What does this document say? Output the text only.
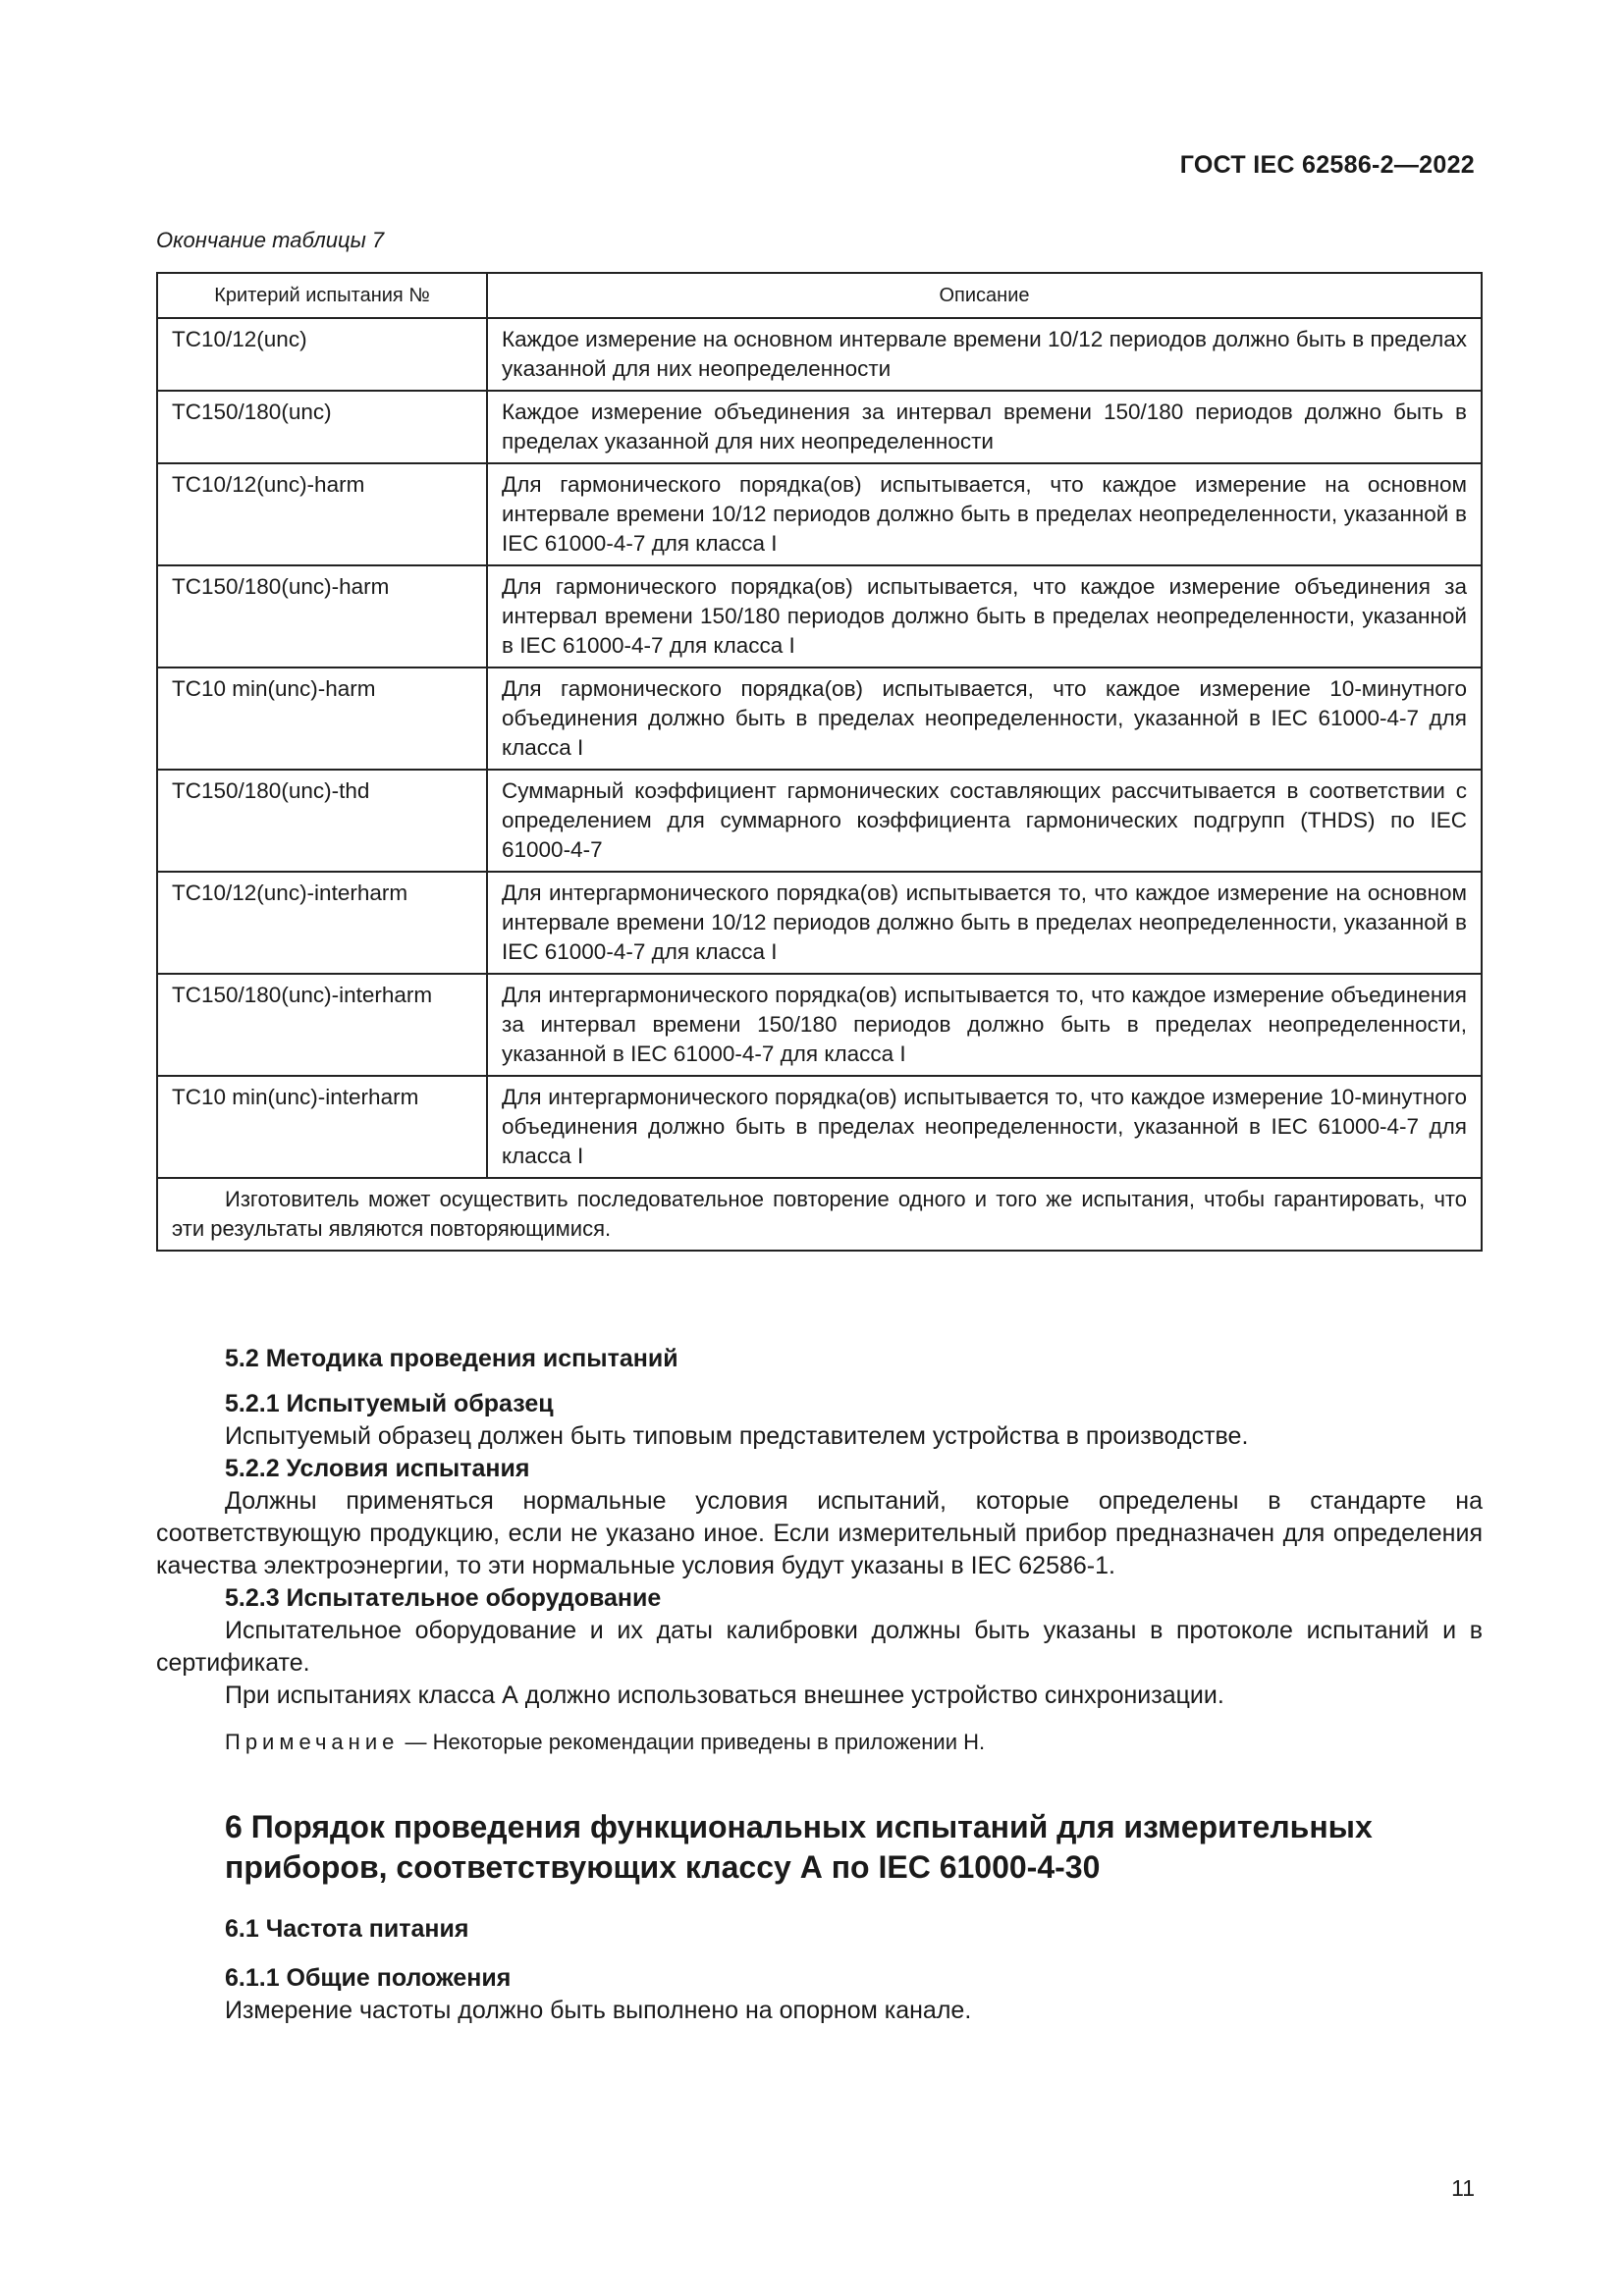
ГОСТ IEC 62586-2—2022
Окончание таблицы 7
Критерий испытания №	Описание
TC10/12(unc)	Каждое измерение на основном интервале времени 10/12 периодов должно быть в пределах указанной для них неопределенности
TC150/180(unc)	Каждое измерение объединения за интервал времени 150/180 периодов должно быть в пределах указанной для них неопределенности
TC10/12(unc)-harm	Для гармонического порядка(ов) испытывается, что каждое измерение на основном интервале времени 10/12 периодов должно быть в пределах неопределенности, указанной в IEC 61000-4-7 для класса I
TC150/180(unc)-harm	Для гармонического порядка(ов) испытывается, что каждое измерение объединения за интервал времени 150/180 периодов должно быть в пределах неопределенности, указанной в IEC 61000-4-7 для класса I
TC10 min(unc)-harm	Для гармонического порядка(ов) испытывается, что каждое измерение 10-минутного объединения должно быть в пределах неопределенности, указанной в IEC 61000-4-7 для класса I
TC150/180(unc)-thd	Суммарный коэффициент гармонических составляющих рассчитывается в соответствии с определением для суммарного коэффициента гармонических подгрупп (THDS) по IEC 61000-4-7
TC10/12(unc)-interharm	Для интергармонического порядка(ов) испытывается то, что каждое измерение на основном интервале времени 10/12 периодов должно быть в пределах неопределенности, указанной в IEC 61000-4-7 для класса I
TC150/180(unc)-interharm	Для интергармонического порядка(ов) испытывается то, что каждое измерение объединения за интервал времени 150/180 периодов должно быть в пределах неопределенности, указанной в IEC 61000-4-7 для класса I
TC10 min(unc)-interharm	Для интергармонического порядка(ов) испытывается то, что каждое измерение 10-минутного объединения должно быть в пределах неопределенности, указанной в IEC 61000-4-7 для класса I
Изготовитель может осуществить последовательное повторение одного и того же испытания, чтобы гарантировать, что эти результаты являются повторяющимися.	

5.2 Методика проведения испытаний

5.2.1 Испытуемый образец

Испытуемый образец должен быть типовым представителем устройства в производстве.

5.2.2 Условия испытания

Должны применяться нормальные условия испытаний, которые определены в стандарте на соответствующую продукцию, если не указано иное. Если измерительный прибор предназначен для определения качества электроэнергии, то эти нормальные условия будут указаны в IEC 62586-1.

5.2.3 Испытательное оборудование

Испытательное оборудование и их даты калибровки должны быть указаны в протоколе испытаний и в сертификате.

При испытаниях класса А должно использоваться внешнее устройство синхронизации.

Примечание — Некоторые рекомендации приведены в приложении Н.

6 Порядок проведения функциональных испытаний для измерительных приборов, соответствующих классу А по IEC 61000-4-30

6.1 Частота питания

6.1.1 Общие положения

Измерение частоты должно быть выполнено на опорном канале.

11
